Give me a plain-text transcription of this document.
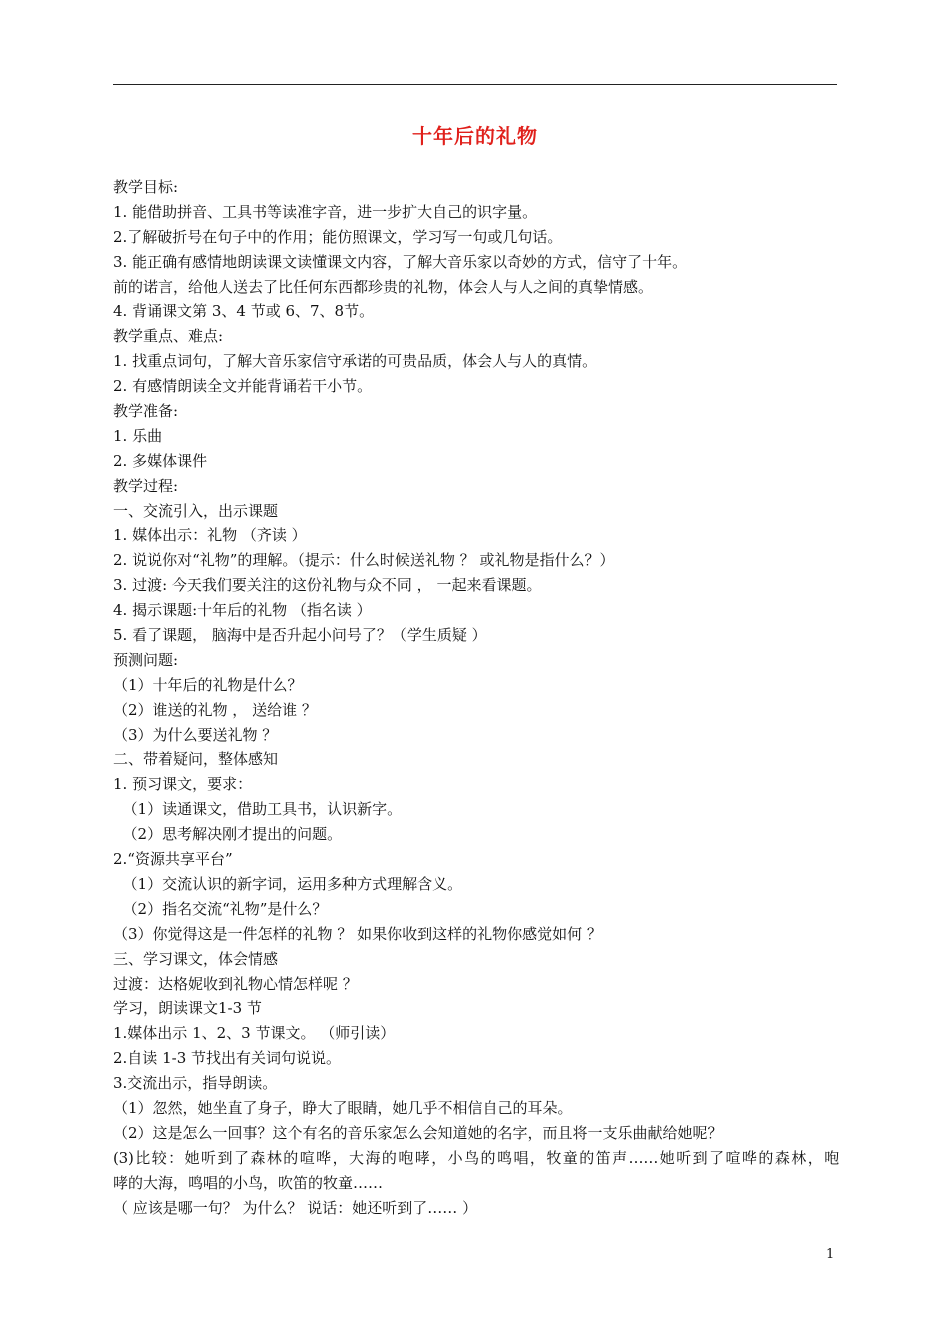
十年后的礼物
教学目标:
1. 能借助拼音、工具书等读准字音，进一步扩大自己的识字量。
2.了解破折号在句子中的作用；能仿照课文，学习写一句或几句话。
3. 能正确有感情地朗读课文读懂课文内容，了解大音乐家以奇妙的方式，信守了十年。
前的诺言，给他人送去了比任何东西都珍贵的礼物，体会人与人之间的真挚情感。
4. 背诵课文第 3、4 节或 6、7、8节。
教学重点、难点:
1. 找重点词句，了解大音乐家信守承诺的可贵品质，体会人与人的真情。
2. 有感情朗读全文并能背诵若干小节。
教学准备:
1. 乐曲
2. 多媒体课件
教学过程:
一、交流引入，出示课题
1. 媒体出示：礼物 （齐读 ）
2. 说说你对“礼物”的理解。（提示：什么时候送礼物 ？ 或礼物是指什么？）
3. 过渡: 今天我们要关注的这份礼物与众不同 ， 一起来看课题。
4. 揭示课题:十年后的礼物 （指名读 ）
5. 看了课题， 脑海中是否升起小问号了？（学生质疑 ）
预测问题:
（1）十年后的礼物是什么？
（2）谁送的礼物 ， 送给谁 ？
（3）为什么要送礼物 ？
二、带着疑问，整体感知
1. 预习课文，要求：
（1）读通课文，借助工具书，认识新字。
（2）思考解决刚才提出的问题。
2.“资源共享平台”
（1）交流认识的新字词，运用多种方式理解含义。
（2）指名交流“礼物”是什么？
（3）你觉得这是一件怎样的礼物 ？ 如果你收到这样的礼物你感觉如何 ？
三、学习课文，体会情感
过渡：达格妮收到礼物心情怎样呢 ？
学习，朗读课文1-3 节
1.媒体出示 1、2、3 节课文。 （师引读）
2.自读 1-3 节找出有关词句说说。
3.交流出示，指导朗读。
（1）忽然，她坐直了身子，睁大了眼睛，她几乎不相信自己的耳朵。
（2）这是怎么一回事？这个有名的音乐家怎么会知道她的名字，而且将一支乐曲献给她呢？
(3)比较：她听到了森林的喧哗，大海的咆哮，小鸟的鸣唱，牧童的笛声……她听到了喧哗的森林，咆
哮的大海，鸣唱的小鸟，吹笛的牧童……
（ 应该是哪一句？ 为什么？ 说话：她还听到了…… ）
1
